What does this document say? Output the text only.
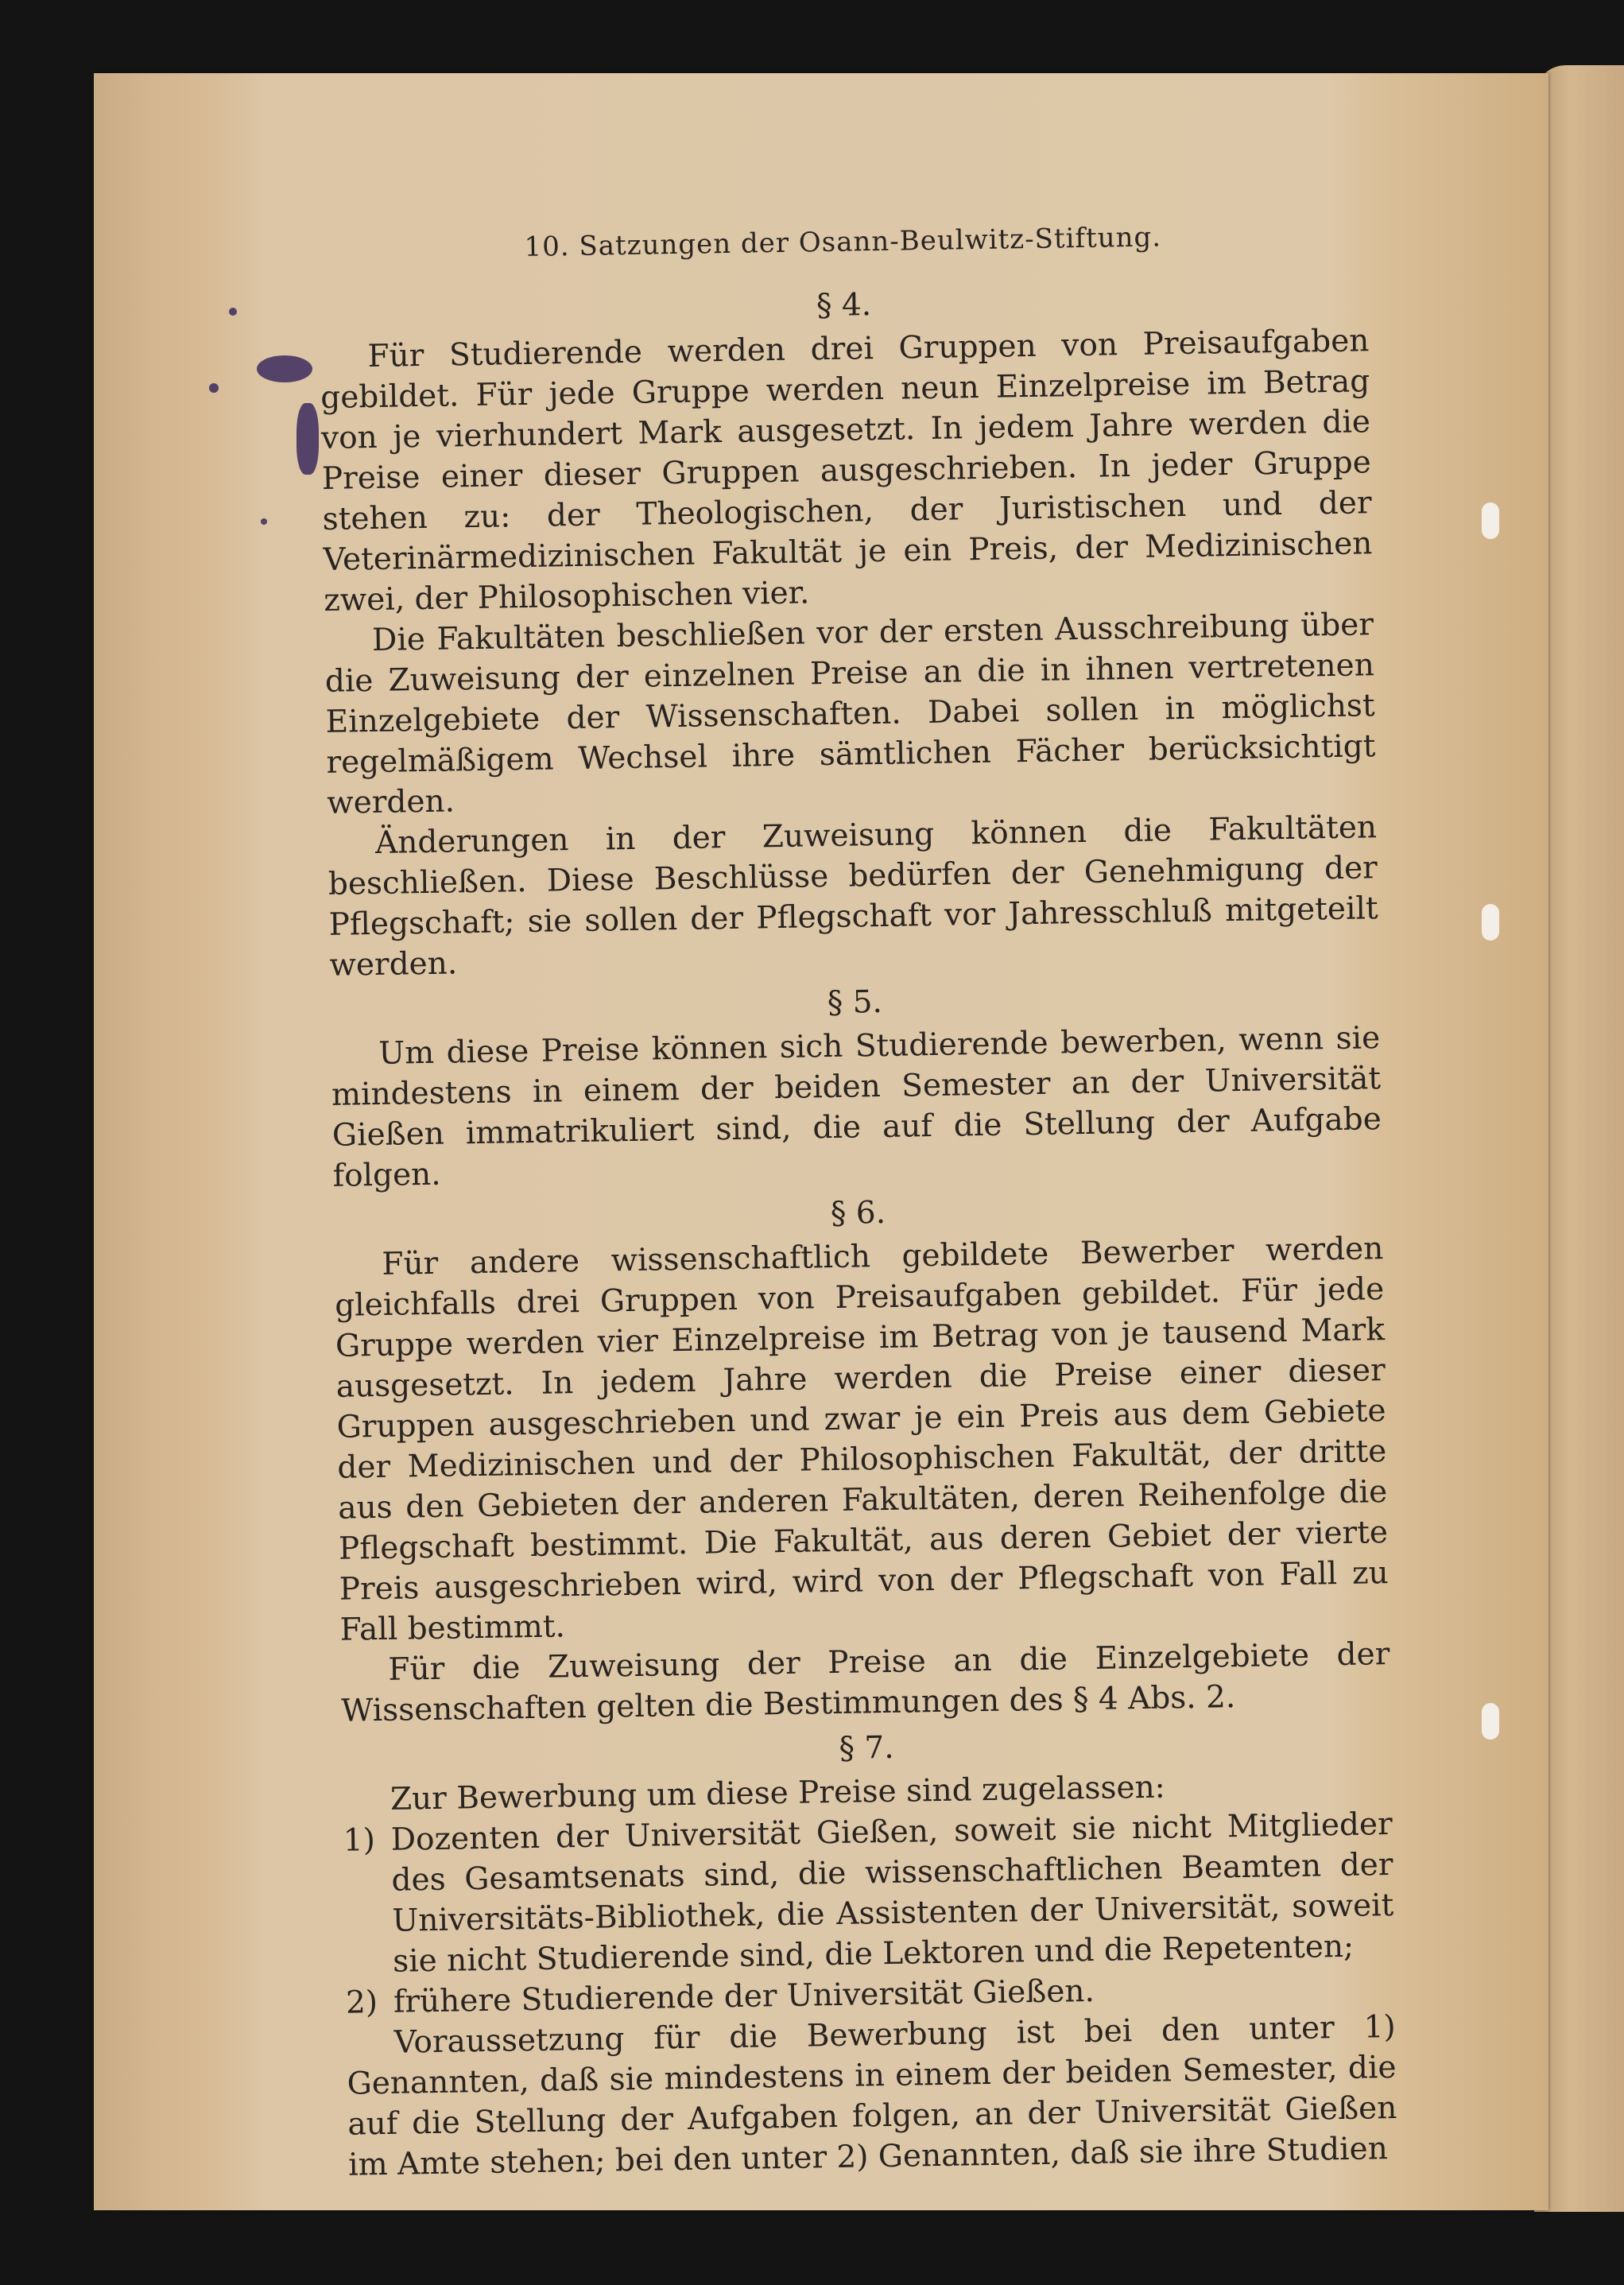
10. Satzungen der Osann-Beulwitz-Stiftung.
§ 4.

Für Studierende werden drei Gruppen von Preisaufgaben gebildet. Für jede Gruppe werden neun Einzelpreise im Betrag von je vierhundert Mark ausgesetzt. In jedem Jahre werden die Preise einer dieser Gruppen ausgeschrieben. In jeder Gruppe stehen zu: der Theologischen, der Juristischen und der Veterinärmedizinischen Fakultät je ein Preis, der Medizinischen zwei, der Philosophischen vier.

Die Fakultäten beschließen vor der ersten Ausschreibung über die Zuweisung der einzelnen Preise an die in ihnen vertretenen Einzelgebiete der Wissenschaften. Dabei sollen in möglichst regelmäßigem Wechsel ihre sämtlichen Fächer berücksichtigt werden.

Änderungen in der Zuweisung können die Fakultäten beschließen. Diese Beschlüsse bedürfen der Genehmigung der Pflegschaft; sie sollen der Pflegschaft vor Jahresschluß mitgeteilt werden.

§ 5.

Um diese Preise können sich Studierende bewerben, wenn sie mindestens in einem der beiden Semester an der Universität Gießen immatrikuliert sind, die auf die Stellung der Aufgabe folgen.

§ 6.

Für andere wissenschaftlich gebildete Bewerber werden gleichfalls drei Gruppen von Preisaufgaben gebildet. Für jede Gruppe werden vier Einzelpreise im Betrag von je tausend Mark ausgesetzt. In jedem Jahre werden die Preise einer dieser Gruppen ausgeschrieben und zwar je ein Preis aus dem Gebiete der Medizinischen und der Philosophischen Fakultät, der dritte aus den Gebieten der anderen Fakultäten, deren Reihenfolge die Pflegschaft bestimmt. Die Fakultät, aus deren Gebiet der vierte Preis ausgeschrieben wird, wird von der Pflegschaft von Fall zu Fall bestimmt.

Für die Zuweisung der Preise an die Einzelgebiete der Wissenschaften gelten die Bestimmungen des § 4 Abs. 2.

§ 7.

Zur Bewerbung um diese Preise sind zugelassen:

1) Dozenten der Universität Gießen, soweit sie nicht Mitglieder des Gesamtsenats sind, die wissenschaftlichen Beamten der Universitäts-Bibliothek, die Assistenten der Universität, soweit sie nicht Studierende sind, die Lektoren und die Repetenten;
2) frühere Studierende der Universität Gießen.

Voraussetzung für die Bewerbung ist bei den unter 1) Genannten, daß sie mindestens in einem der beiden Semester, die auf die Stellung der Aufgaben folgen, an der Universität Gießen im Amte stehen; bei den unter 2) Genannten, daß sie ihre Studien
